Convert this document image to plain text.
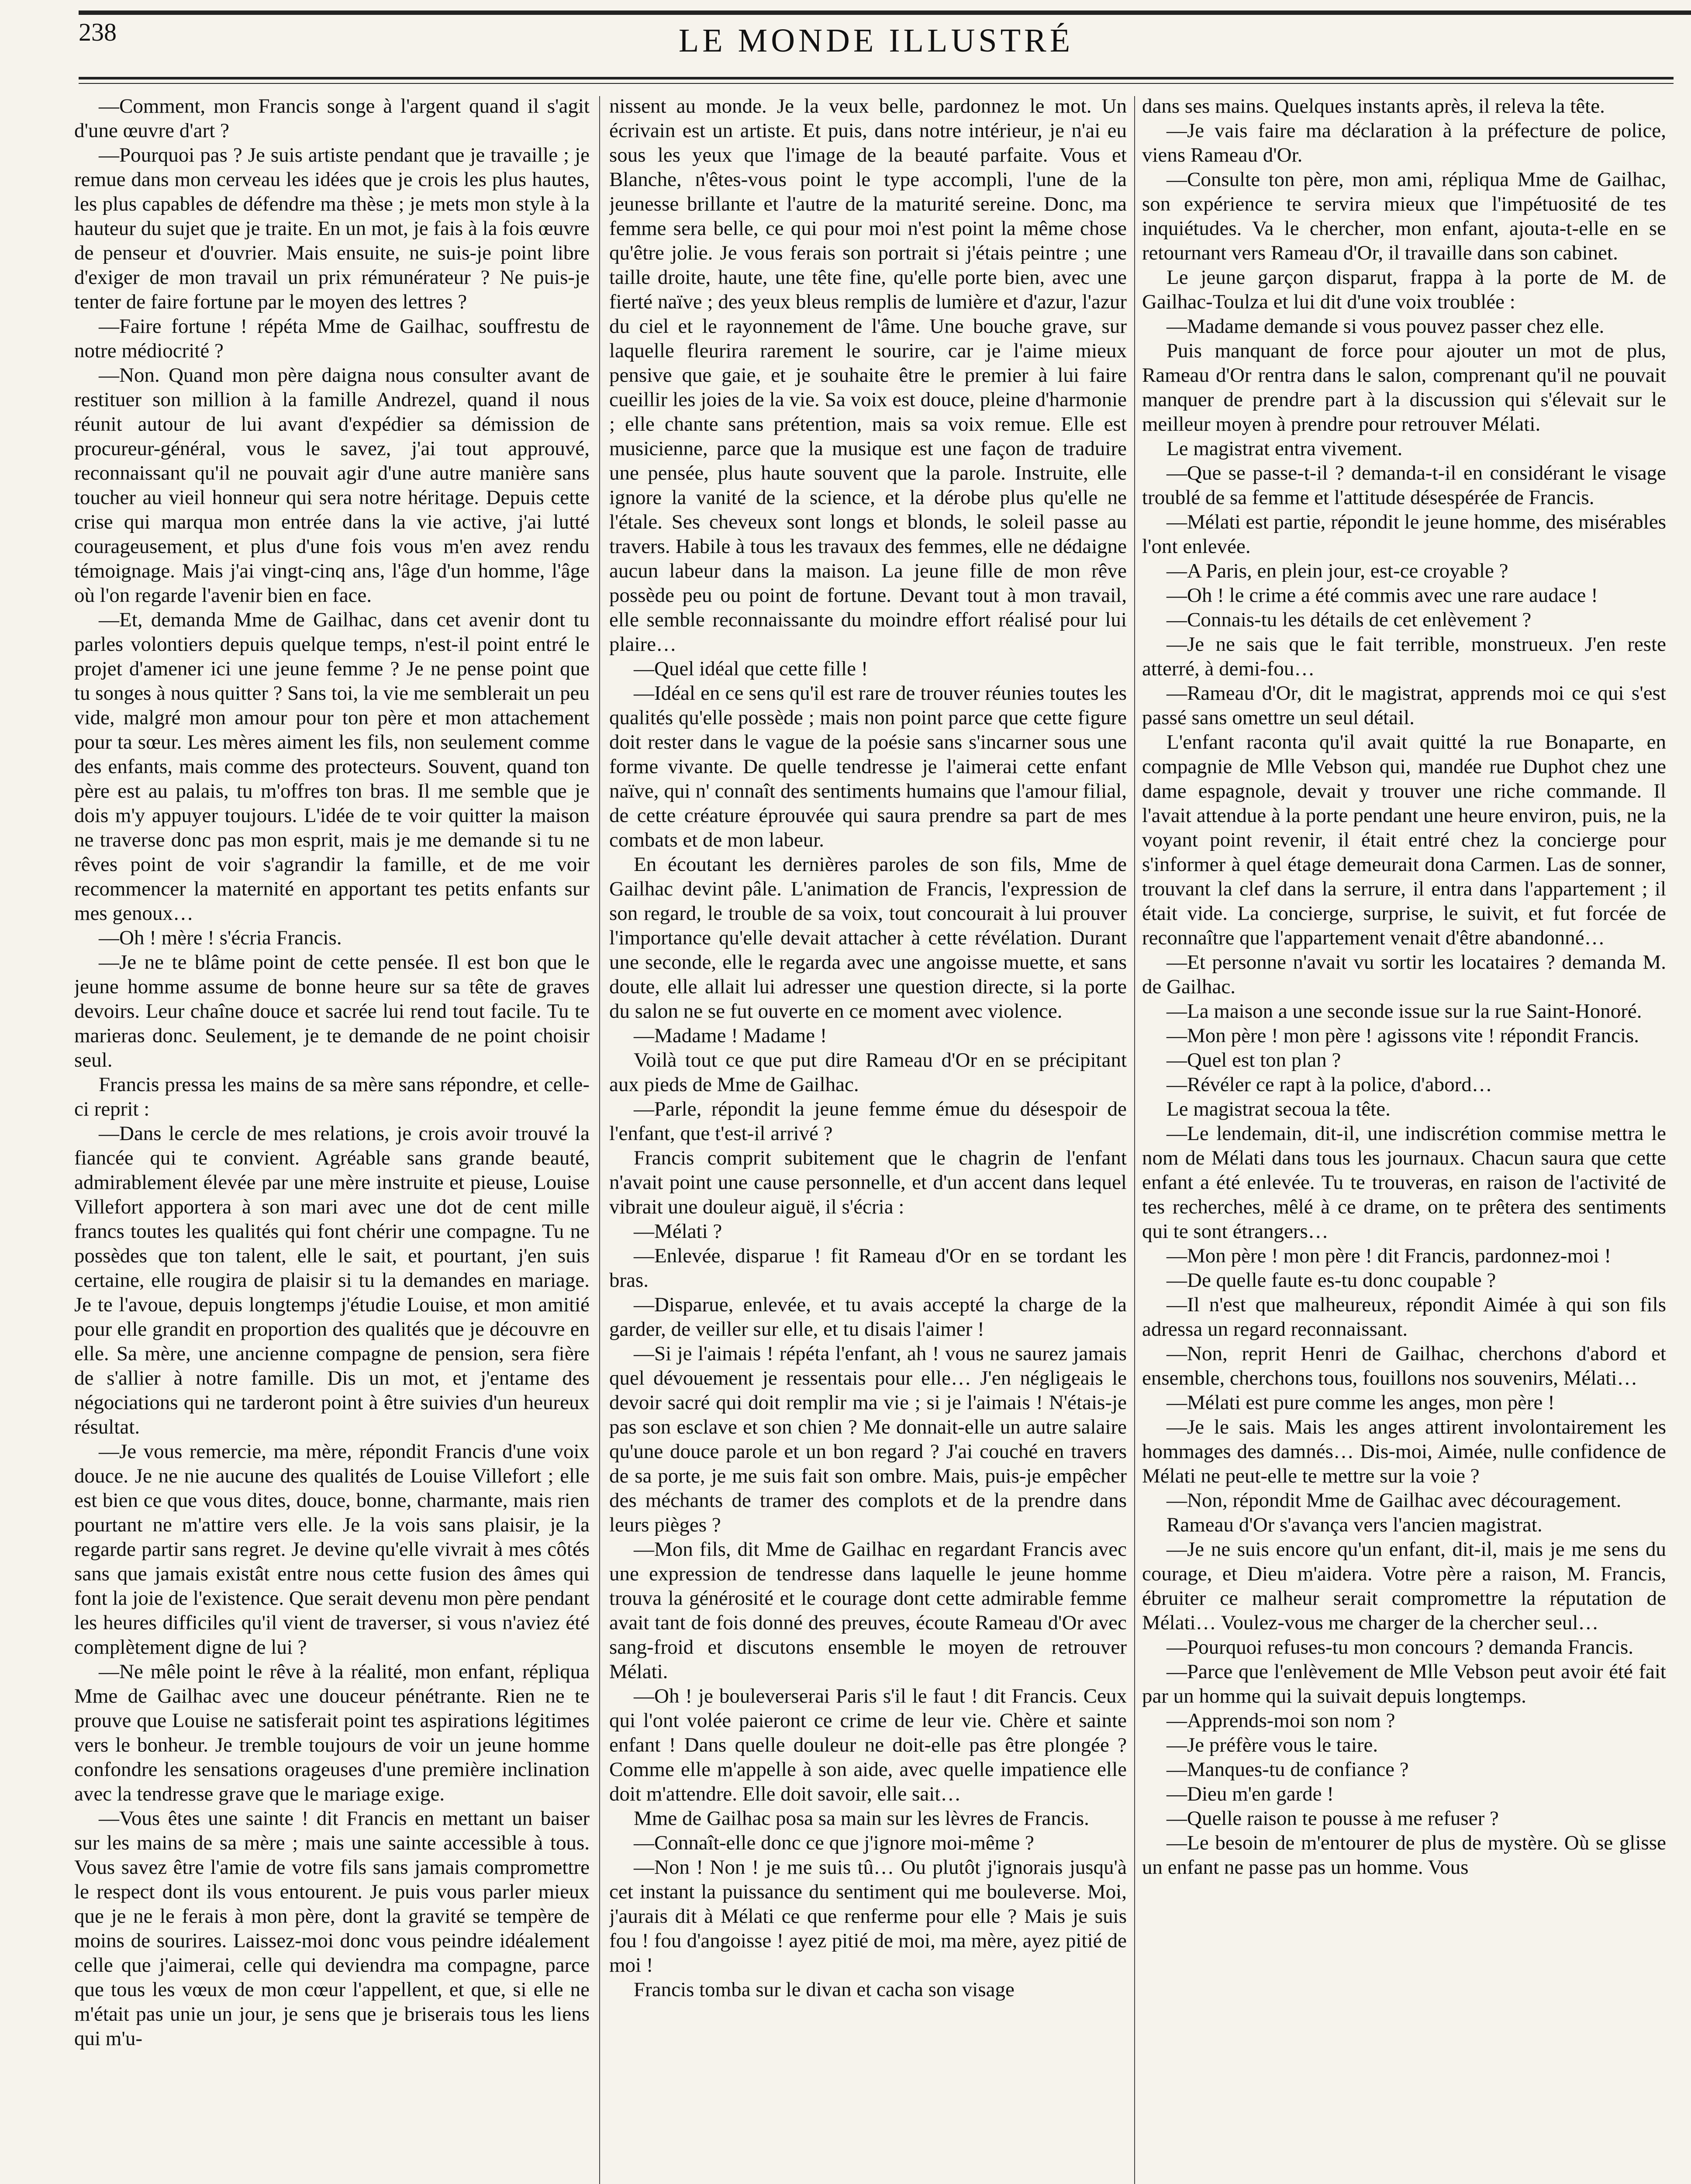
238	LE MONDE ILLUSTRÉ

—Comment, mon Francis songe à l'argent quand il s'agit d'une œuvre d'art ?

—Pourquoi pas ? Je suis artiste pendant que je travaille ; je remue dans mon cerveau les idées que je crois les plus hautes, les plus capables de défendre ma thèse ; je mets mon style à la hauteur du sujet que je traite. En un mot, je fais à la fois œuvre de penseur et d'ouvrier. Mais ensuite, ne suis-je point libre d'exiger de mon travail un prix rémunérateur ? Ne puis-je tenter de faire fortune par le moyen des lettres ?

—Faire fortune ! répéta Mme de Gailhac, souffrestu de notre médiocrité ?

—Non. Quand mon père daigna nous consulter avant de restituer son million à la famille Andrezel, quand il nous réunit autour de lui avant d'expédier sa démission de procureur-général, vous le savez, j'ai tout approuvé, reconnaissant qu'il ne pouvait agir d'une autre manière sans toucher au vieil honneur qui sera notre héritage. Depuis cette crise qui marqua mon entrée dans la vie active, j'ai lutté courageusement, et plus d'une fois vous m'en avez rendu témoignage. Mais j'ai vingt-cinq ans, l'âge d'un homme, l'âge où l'on regarde l'avenir bien en face.

—Et, demanda Mme de Gailhac, dans cet avenir dont tu parles volontiers depuis quelque temps, n'est-il point entré le projet d'amener ici une jeune femme ? Je ne pense point que tu songes à nous quitter ? Sans toi, la vie me semblerait un peu vide, malgré mon amour pour ton père et mon attachement pour ta sœur. Les mères aiment les fils, non seulement comme des enfants, mais comme des protecteurs. Souvent, quand ton père est au palais, tu m'offres ton bras. Il me semble que je dois m'y appuyer toujours. L'idée de te voir quitter la maison ne traverse donc pas mon esprit, mais je me demande si tu ne rêves point de voir s'agrandir la famille, et de me voir recommencer la maternité en apportant tes petits enfants sur mes genoux…

—Oh ! mère ! s'écria Francis.

—Je ne te blâme point de cette pensée. Il est bon que le jeune homme assume de bonne heure sur sa tête de graves devoirs. Leur chaîne douce et sacrée lui rend tout facile. Tu te marieras donc. Seulement, je te demande de ne point choisir seul.

Francis pressa les mains de sa mère sans répondre, et celle-ci reprit :

—Dans le cercle de mes relations, je crois avoir trouvé la fiancée qui te convient. Agréable sans grande beauté, admirablement élevée par une mère instruite et pieuse, Louise Villefort apportera à son mari avec une dot de cent mille francs toutes les qualités qui font chérir une compagne. Tu ne possèdes que ton talent, elle le sait, et pourtant, j'en suis certaine, elle rougira de plaisir si tu la demandes en mariage. Je te l'avoue, depuis longtemps j'étudie Louise, et mon amitié pour elle grandit en proportion des qualités que je découvre en elle. Sa mère, une ancienne compagne de pension, sera fière de s'allier à notre famille. Dis un mot, et j'entame des négociations qui ne tarderont point à être suivies d'un heureux résultat.

—Je vous remercie, ma mère, répondit Francis d'une voix douce. Je ne nie aucune des qualités de Louise Villefort ; elle est bien ce que vous dites, douce, bonne, charmante, mais rien pourtant ne m'attire vers elle. Je la vois sans plaisir, je la regarde partir sans regret. Je devine qu'elle vivrait à mes côtés sans que jamais existât entre nous cette fusion des âmes qui font la joie de l'existence. Que serait devenu mon père pendant les heures difficiles qu'il vient de traverser, si vous n'aviez été complètement digne de lui ?

—Ne mêle point le rêve à la réalité, mon enfant, répliqua Mme de Gailhac avec une douceur pénétrante. Rien ne te prouve que Louise ne satisferait point tes aspirations légitimes vers le bonheur. Je tremble toujours de voir un jeune homme confondre les sensations orageuses d'une première inclination avec la tendresse grave que le mariage exige.

—Vous êtes une sainte ! dit Francis en mettant un baiser sur les mains de sa mère ; mais une sainte accessible à tous. Vous savez être l'amie de votre fils sans jamais compromettre le respect dont ils vous entourent. Je puis vous parler mieux que je ne le ferais à mon père, dont la gravité se tempère de moins de sourires. Laissez-moi donc vous peindre idéalement celle que j'aimerai, celle qui deviendra ma compagne, parce que tous les vœux de mon cœur l'appellent, et que, si elle ne m'était pas unie un jour, je sens que je briserais tous les liens qui m'u-

nissent au monde. Je la veux belle, pardonnez le mot. Un écrivain est un artiste. Et puis, dans notre intérieur, je n'ai eu sous les yeux que l'image de la beauté parfaite. Vous et Blanche, n'êtes-vous point le type accompli, l'une de la jeunesse brillante et l'autre de la maturité sereine. Donc, ma femme sera belle, ce qui pour moi n'est point la même chose qu'être jolie. Je vous ferais son portrait si j'étais peintre ; une taille droite, haute, une tête fine, qu'elle porte bien, avec une fierté naïve ; des yeux bleus remplis de lumière et d'azur, l'azur du ciel et le rayonnement de l'âme. Une bouche grave, sur laquelle fleurira rarement le sourire, car je l'aime mieux pensive que gaie, et je souhaite être le premier à lui faire cueillir les joies de la vie. Sa voix est douce, pleine d'harmonie ; elle chante sans prétention, mais sa voix remue. Elle est musicienne, parce que la musique est une façon de traduire une pensée, plus haute souvent que la parole. Instruite, elle ignore la vanité de la science, et la dérobe plus qu'elle ne l'étale. Ses cheveux sont longs et blonds, le soleil passe au travers. Habile à tous les travaux des femmes, elle ne dédaigne aucun labeur dans la maison. La jeune fille de mon rêve possède peu ou point de fortune. Devant tout à mon travail, elle semble reconnaissante du moindre effort réalisé pour lui plaire…

—Quel idéal que cette fille !

—Idéal en ce sens qu'il est rare de trouver réunies toutes les qualités qu'elle possède ; mais non point parce que cette figure doit rester dans le vague de la poésie sans s'incarner sous une forme vivante. De quelle tendresse je l'aimerai cette enfant naïve, qui n' connaît des sentiments humains que l'amour filial, de cette créature éprouvée qui saura prendre sa part de mes combats et de mon labeur.

En écoutant les dernières paroles de son fils, Mme de Gailhac devint pâle. L'animation de Francis, l'expression de son regard, le trouble de sa voix, tout concourait à lui prouver l'importance qu'elle devait attacher à cette révélation. Durant une seconde, elle le regarda avec une angoisse muette, et sans doute, elle allait lui adresser une question directe, si la porte du salon ne se fut ouverte en ce moment avec violence.

—Madame ! Madame !

Voilà tout ce que put dire Rameau d'Or en se précipitant aux pieds de Mme de Gailhac.

—Parle, répondit la jeune femme émue du désespoir de l'enfant, que t'est-il arrivé ?

Francis comprit subitement que le chagrin de l'enfant n'avait point une cause personnelle, et d'un accent dans lequel vibrait une douleur aiguë, il s'écria :

—Mélati ?

—Enlevée, disparue ! fit Rameau d'Or en se tordant les bras.

—Disparue, enlevée, et tu avais accepté la charge de la garder, de veiller sur elle, et tu disais l'aimer !

—Si je l'aimais ! répéta l'enfant, ah ! vous ne saurez jamais quel dévouement je ressentais pour elle… J'en négligeais le devoir sacré qui doit remplir ma vie ; si je l'aimais ! N'étais-je pas son esclave et son chien ? Me donnait-elle un autre salaire qu'une douce parole et un bon regard ? J'ai couché en travers de sa porte, je me suis fait son ombre. Mais, puis-je empêcher des méchants de tramer des complots et de la prendre dans leurs pièges ?

—Mon fils, dit Mme de Gailhac en regardant Francis avec une expression de tendresse dans laquelle le jeune homme trouva la générosité et le courage dont cette admirable femme avait tant de fois donné des preuves, écoute Rameau d'Or avec sang-froid et discutons ensemble le moyen de retrouver Mélati.

—Oh ! je bouleverserai Paris s'il le faut ! dit Francis. Ceux qui l'ont volée paieront ce crime de leur vie. Chère et sainte enfant ! Dans quelle douleur ne doit-elle pas être plongée ? Comme elle m'appelle à son aide, avec quelle impatience elle doit m'attendre. Elle doit savoir, elle sait…

Mme de Gailhac posa sa main sur les lèvres de Francis.

—Connaît-elle donc ce que j'ignore moi-même ?

—Non ! Non ! je me suis tû… Ou plutôt j'ignorais jusqu'à cet instant la puissance du sentiment qui me bouleverse. Moi, j'aurais dit à Mélati ce que renferme pour elle ? Mais je suis fou ! fou d'angoisse ! ayez pitié de moi, ma mère, ayez pitié de moi !

Francis tomba sur le divan et cacha son visage

dans ses mains. Quelques instants après, il releva la tête.

—Je vais faire ma déclaration à la préfecture de police, viens Rameau d'Or.

—Consulte ton père, mon ami, répliqua Mme de Gailhac, son expérience te servira mieux que l'impétuosité de tes inquiétudes. Va le chercher, mon enfant, ajouta-t-elle en se retournant vers Rameau d'Or, il travaille dans son cabinet.

Le jeune garçon disparut, frappa à la porte de M. de Gailhac-Toulza et lui dit d'une voix troublée :

—Madame demande si vous pouvez passer chez elle.

Puis manquant de force pour ajouter un mot de plus, Rameau d'Or rentra dans le salon, comprenant qu'il ne pouvait manquer de prendre part à la discussion qui s'élevait sur le meilleur moyen à prendre pour retrouver Mélati.

Le magistrat entra vivement.

—Que se passe-t-il ? demanda-t-il en considérant le visage troublé de sa femme et l'attitude désespérée de Francis.

—Mélati est partie, répondit le jeune homme, des misérables l'ont enlevée.

—A Paris, en plein jour, est-ce croyable ?

—Oh ! le crime a été commis avec une rare audace !

—Connais-tu les détails de cet enlèvement ?

—Je ne sais que le fait terrible, monstrueux. J'en reste atterré, à demi-fou…

—Rameau d'Or, dit le magistrat, apprends moi ce qui s'est passé sans omettre un seul détail.

L'enfant raconta qu'il avait quitté la rue Bonaparte, en compagnie de Mlle Vebson qui, mandée rue Duphot chez une dame espagnole, devait y trouver une riche commande. Il l'avait attendue à la porte pendant une heure environ, puis, ne la voyant point revenir, il était entré chez la concierge pour s'informer à quel étage demeurait dona Carmen. Las de sonner, trouvant la clef dans la serrure, il entra dans l'appartement ; il était vide. La concierge, surprise, le suivit, et fut forcée de reconnaître que l'appartement venait d'être abandonné…

—Et personne n'avait vu sortir les locataires ? demanda M. de Gailhac.

—La maison a une seconde issue sur la rue Saint-Honoré.

—Mon père ! mon père ! agissons vite ! répondit Francis.

—Quel est ton plan ?

—Révéler ce rapt à la police, d'abord…

Le magistrat secoua la tête.

—Le lendemain, dit-il, une indiscrétion commise mettra le nom de Mélati dans tous les journaux. Chacun saura que cette enfant a été enlevée. Tu te trouveras, en raison de l'activité de tes recherches, mêlé à ce drame, on te prêtera des sentiments qui te sont étrangers…

—Mon père ! mon père ! dit Francis, pardonnez-moi !

—De quelle faute es-tu donc coupable ?

—Il n'est que malheureux, répondit Aimée à qui son fils adressa un regard reconnaissant.

—Non, reprit Henri de Gailhac, cherchons d'abord et ensemble, cherchons tous, fouillons nos souvenirs, Mélati…

—Mélati est pure comme les anges, mon père !

—Je le sais. Mais les anges attirent involontairement les hommages des damnés… Dis-moi, Aimée, nulle confidence de Mélati ne peut-elle te mettre sur la voie ?

—Non, répondit Mme de Gailhac avec découragement.

Rameau d'Or s'avança vers l'ancien magistrat.

—Je ne suis encore qu'un enfant, dit-il, mais je me sens du courage, et Dieu m'aidera. Votre père a raison, M. Francis, ébruiter ce malheur serait compromettre la réputation de Mélati… Voulez-vous me charger de la chercher seul…

—Pourquoi refuses-tu mon concours ? demanda Francis.

—Parce que l'enlèvement de Mlle Vebson peut avoir été fait par un homme qui la suivait depuis longtemps.

—Apprends-moi son nom ?

—Je préfère vous le taire.

—Manques-tu de confiance ?

—Dieu m'en garde !

—Quelle raison te pousse à me refuser ?

—Le besoin de m'entourer de plus de mystère. Où se glisse un enfant ne passe pas un homme. Vous
